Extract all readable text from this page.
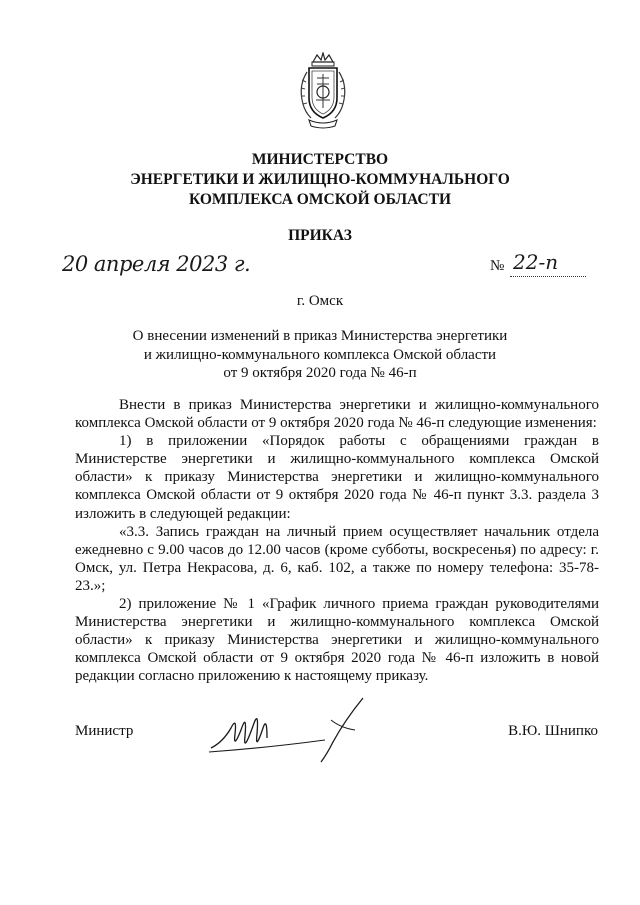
МИНИСТЕРСТВО
ЭНЕРГЕТИКИ И ЖИЛИЩНО-КОММУНАЛЬНОГО
КОМПЛЕКСА ОМСКОЙ ОБЛАСТИ
ПРИКАЗ
20 апреля 2023 г.	№ 22-п
г. Омск
О внесении изменений в приказ Министерства энергетики
и жилищно-коммунального комплекса Омской области
от 9 октября 2020 года № 46-п

Внести в приказ Министерства энергетики и жилищно-коммунального комплекса Омской области от 9 октября 2020 года № 46-п следующие изменения:

1) в приложении «Порядок работы с обращениями граждан в Министерстве энергетики и жилищно-коммунального комплекса Омской области» к приказу Министерства энергетики и жилищно-коммунального комплекса Омской области от 9 октября 2020 года № 46-п пункт 3.3. раздела 3 изложить в следующей редакции:

«3.3. Запись граждан на личный прием осуществляет начальник отдела ежедневно с 9.00 часов до 12.00 часов (кроме субботы, воскресенья) по адресу: г. Омск, ул. Петра Некрасова, д. 6, каб. 102, а также по номеру телефона: 35-78-23.»;

2) приложение № 1 «График личного приема граждан руководителями Министерства энергетики и жилищно-коммунального комплекса Омской области» к приказу Министерства энергетики и жилищно-коммунального комплекса Омской области от 9 октября 2020 года № 46-п изложить в новой редакции согласно приложению к настоящему приказу.

Министр	В.Ю. Шнипко
